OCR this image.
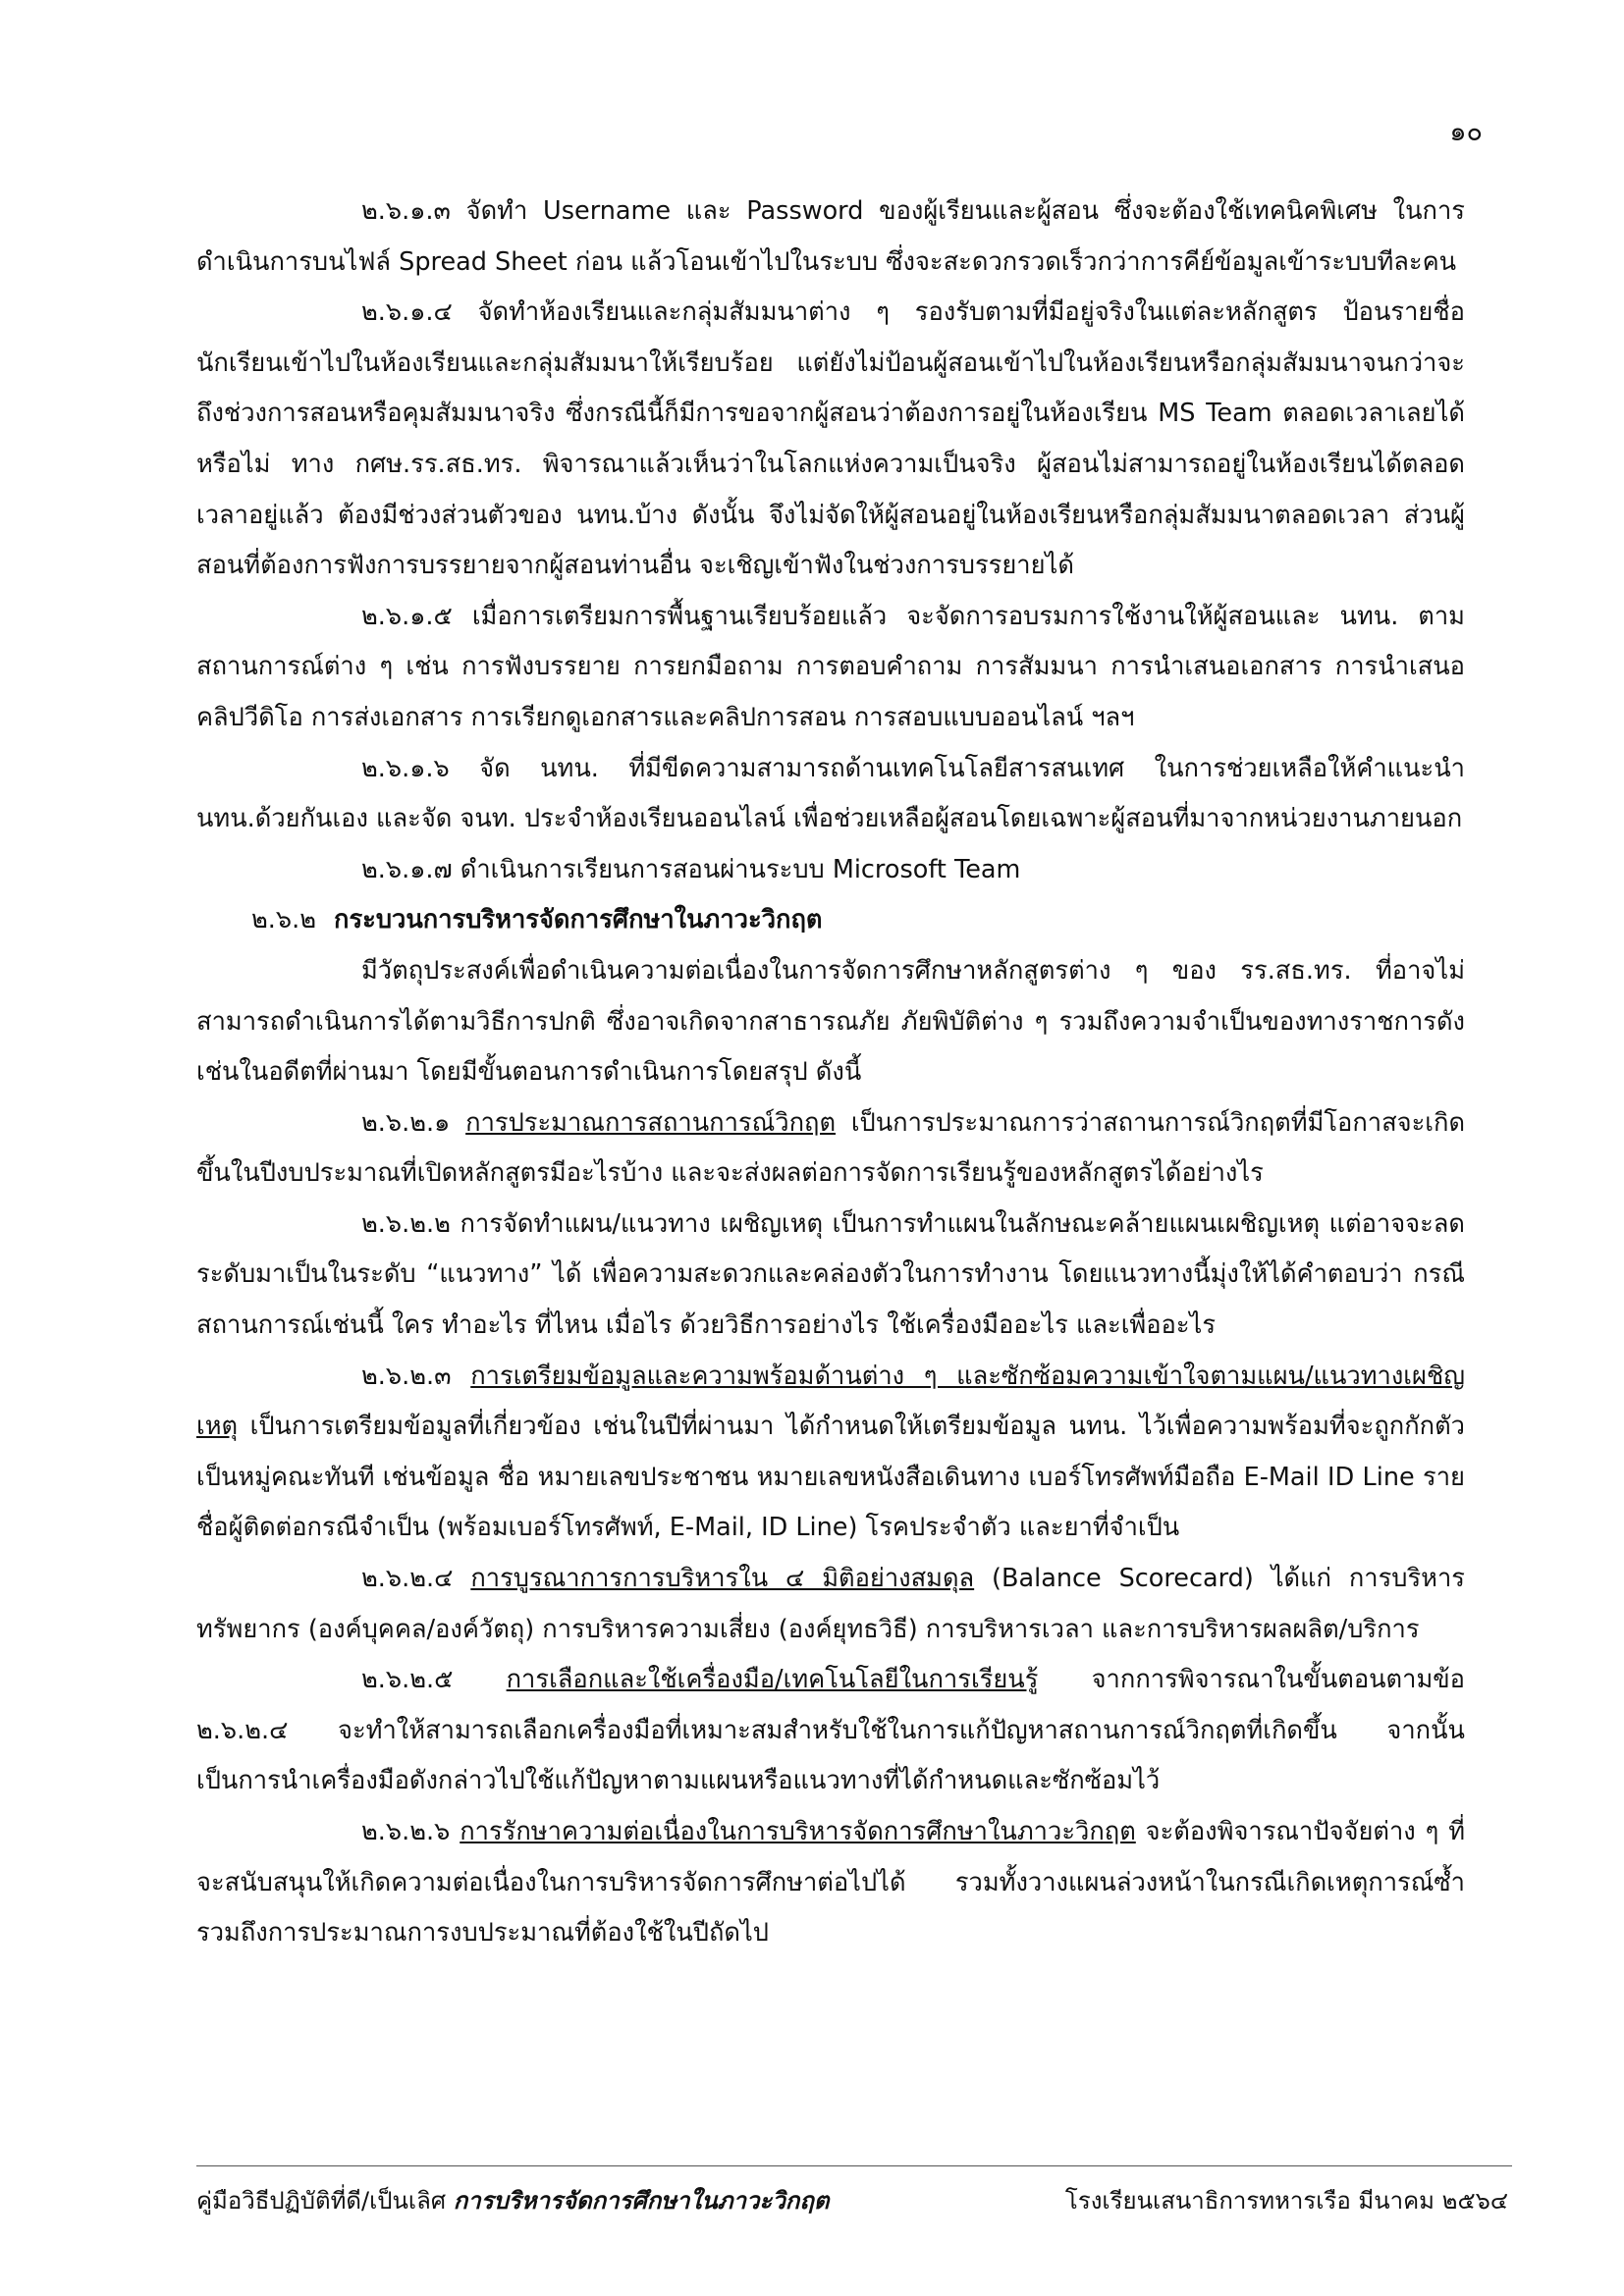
๑๐

๒.๖.๑.๓ จัดทำ Username และ Password ของผู้เรียนและผู้สอน ซึ่งจะต้องใช้เทคนิคพิเศษ ในการดำเนินการบนไฟล์ Spread Sheet ก่อน แล้วโอนเข้าไปในระบบ ซึ่งจะสะดวกรวดเร็วกว่าการคีย์ข้อมูลเข้าระบบทีละคน

๒.๖.๑.๔ จัดทำห้องเรียนและกลุ่มสัมมนาต่าง ๆ รองรับตามที่มีอยู่จริงในแต่ละหลักสูตร ป้อนรายชื่อนักเรียนเข้าไปในห้องเรียนและกลุ่มสัมมนาให้เรียบร้อย แต่ยังไม่ป้อนผู้สอนเข้าไปในห้องเรียนหรือกลุ่มสัมมนาจนกว่าจะถึงช่วงการสอนหรือคุมสัมมนาจริง ซึ่งกรณีนี้ก็มีการขอจากผู้สอนว่าต้องการอยู่ในห้องเรียน MS Team ตลอดเวลาเลยได้หรือไม่ ทาง กศษ.รร.สธ.ทร. พิจารณาแล้วเห็นว่าในโลกแห่งความเป็นจริง ผู้สอนไม่สามารถอยู่ในห้องเรียนได้ตลอดเวลาอยู่แล้ว ต้องมีช่วงส่วนตัวของ นทน.บ้าง ดังนั้น จึงไม่จัดให้ผู้สอนอยู่ในห้องเรียนหรือกลุ่มสัมมนาตลอดเวลา ส่วนผู้สอนที่ต้องการฟังการบรรยายจากผู้สอนท่านอื่น จะเชิญเข้าฟังในช่วงการบรรยายได้

๒.๖.๑.๕ เมื่อการเตรียมการพื้นฐานเรียบร้อยแล้ว จะจัดการอบรมการใช้งานให้ผู้สอนและ นทน. ตามสถานการณ์ต่าง ๆ เช่น การฟังบรรยาย การยกมือถาม การตอบคำถาม การสัมมนา การนำเสนอเอกสาร การนำเสนอคลิปวีดิโอ การส่งเอกสาร การเรียกดูเอกสารและคลิปการสอน การสอบแบบออนไลน์ ฯลฯ

๒.๖.๑.๖ จัด นทน. ที่มีขีดความสามารถด้านเทคโนโลยีสารสนเทศ ในการช่วยเหลือให้คำแนะนำ นทน.ด้วยกันเอง และจัด จนท. ประจำห้องเรียนออนไลน์ เพื่อช่วยเหลือผู้สอนโดยเฉพาะผู้สอนที่มาจากหน่วยงานภายนอก

๒.๖.๑.๗ ดำเนินการเรียนการสอนผ่านระบบ Microsoft Team

๒.๖.๒ กระบวนการบริหารจัดการศึกษาในภาวะวิกฤต

มีวัตถุประสงค์เพื่อดำเนินความต่อเนื่องในการจัดการศึกษาหลักสูตรต่าง ๆ ของ รร.สธ.ทร. ที่อาจไม่สามารถดำเนินการได้ตามวิธีการปกติ ซึ่งอาจเกิดจากสาธารณภัย ภัยพิบัติต่าง ๆ รวมถึงความจำเป็นของทางราชการดังเช่นในอดีตที่ผ่านมา โดยมีขั้นตอนการดำเนินการโดยสรุป ดังนี้

๒.๖.๒.๑ การประมาณการสถานการณ์วิกฤต เป็นการประมาณการว่าสถานการณ์วิกฤตที่มีโอกาสจะเกิดขึ้นในปีงบประมาณที่เปิดหลักสูตรมีอะไรบ้าง และจะส่งผลต่อการจัดการเรียนรู้ของหลักสูตรได้อย่างไร

๒.๖.๒.๒ การจัดทำแผน/แนวทาง เผชิญเหตุ เป็นการทำแผนในลักษณะคล้ายแผนเผชิญเหตุ แต่อาจจะลดระดับมาเป็นในระดับ “แนวทาง” ได้ เพื่อความสะดวกและคล่องตัวในการทำงาน โดยแนวทางนี้มุ่งให้ได้คำตอบว่า กรณีสถานการณ์เช่นนี้ ใคร ทำอะไร ที่ไหน เมื่อไร ด้วยวิธีการอย่างไร ใช้เครื่องมืออะไร และเพื่ออะไร

๒.๖.๒.๓ การเตรียมข้อมูลและความพร้อมด้านต่าง ๆ และซักซ้อมความเข้าใจตามแผน/แนวทางเผชิญเหตุ เป็นการเตรียมข้อมูลที่เกี่ยวข้อง เช่นในปีที่ผ่านมา ได้กำหนดให้เตรียมข้อมูล นทน. ไว้เพื่อความพร้อมที่จะถูกกักตัวเป็นหมู่คณะทันที เช่นข้อมูล ชื่อ หมายเลขประชาชน หมายเลขหนังสือเดินทาง เบอร์โทรศัพท์มือถือ E-Mail ID Line รายชื่อผู้ติดต่อกรณีจำเป็น (พร้อมเบอร์โทรศัพท์, E-Mail, ID Line) โรคประจำตัว และยาที่จำเป็น

๒.๖.๒.๔ การบูรณาการการบริหารใน ๔ มิติอย่างสมดุล (Balance Scorecard) ได้แก่ การบริหารทรัพยากร (องค์บุคคล/องค์วัตถุ) การบริหารความเสี่ยง (องค์ยุทธวิธี) การบริหารเวลา และการบริหารผลผลิต/บริการ

๒.๖.๒.๕ การเลือกและใช้เครื่องมือ/เทคโนโลยีในการเรียนรู้ จากการพิจารณาในขั้นตอนตามข้อ ๒.๖.๒.๔ จะทำให้สามารถเลือกเครื่องมือที่เหมาะสมสำหรับใช้ในการแก้ปัญหาสถานการณ์วิกฤตที่เกิดขึ้น จากนั้นเป็นการนำเครื่องมือดังกล่าวไปใช้แก้ปัญหาตามแผนหรือแนวทางที่ได้กำหนดและซักซ้อมไว้

๒.๖.๒.๖ การรักษาความต่อเนื่องในการบริหารจัดการศึกษาในภาวะวิกฤต จะต้องพิจารณาปัจจัยต่าง ๆ ที่จะสนับสนุนให้เกิดความต่อเนื่องในการบริหารจัดการศึกษาต่อไปได้ รวมทั้งวางแผนล่วงหน้าในกรณีเกิดเหตุการณ์ซ้ำ รวมถึงการประมาณการงบประมาณที่ต้องใช้ในปีถัดไป

คู่มือวิธีปฏิบัติที่ดี/เป็นเลิศ การบริหารจัดการศึกษาในภาวะวิกฤต	โรงเรียนเสนาธิการทหารเรือ มีนาคม ๒๕๖๔
